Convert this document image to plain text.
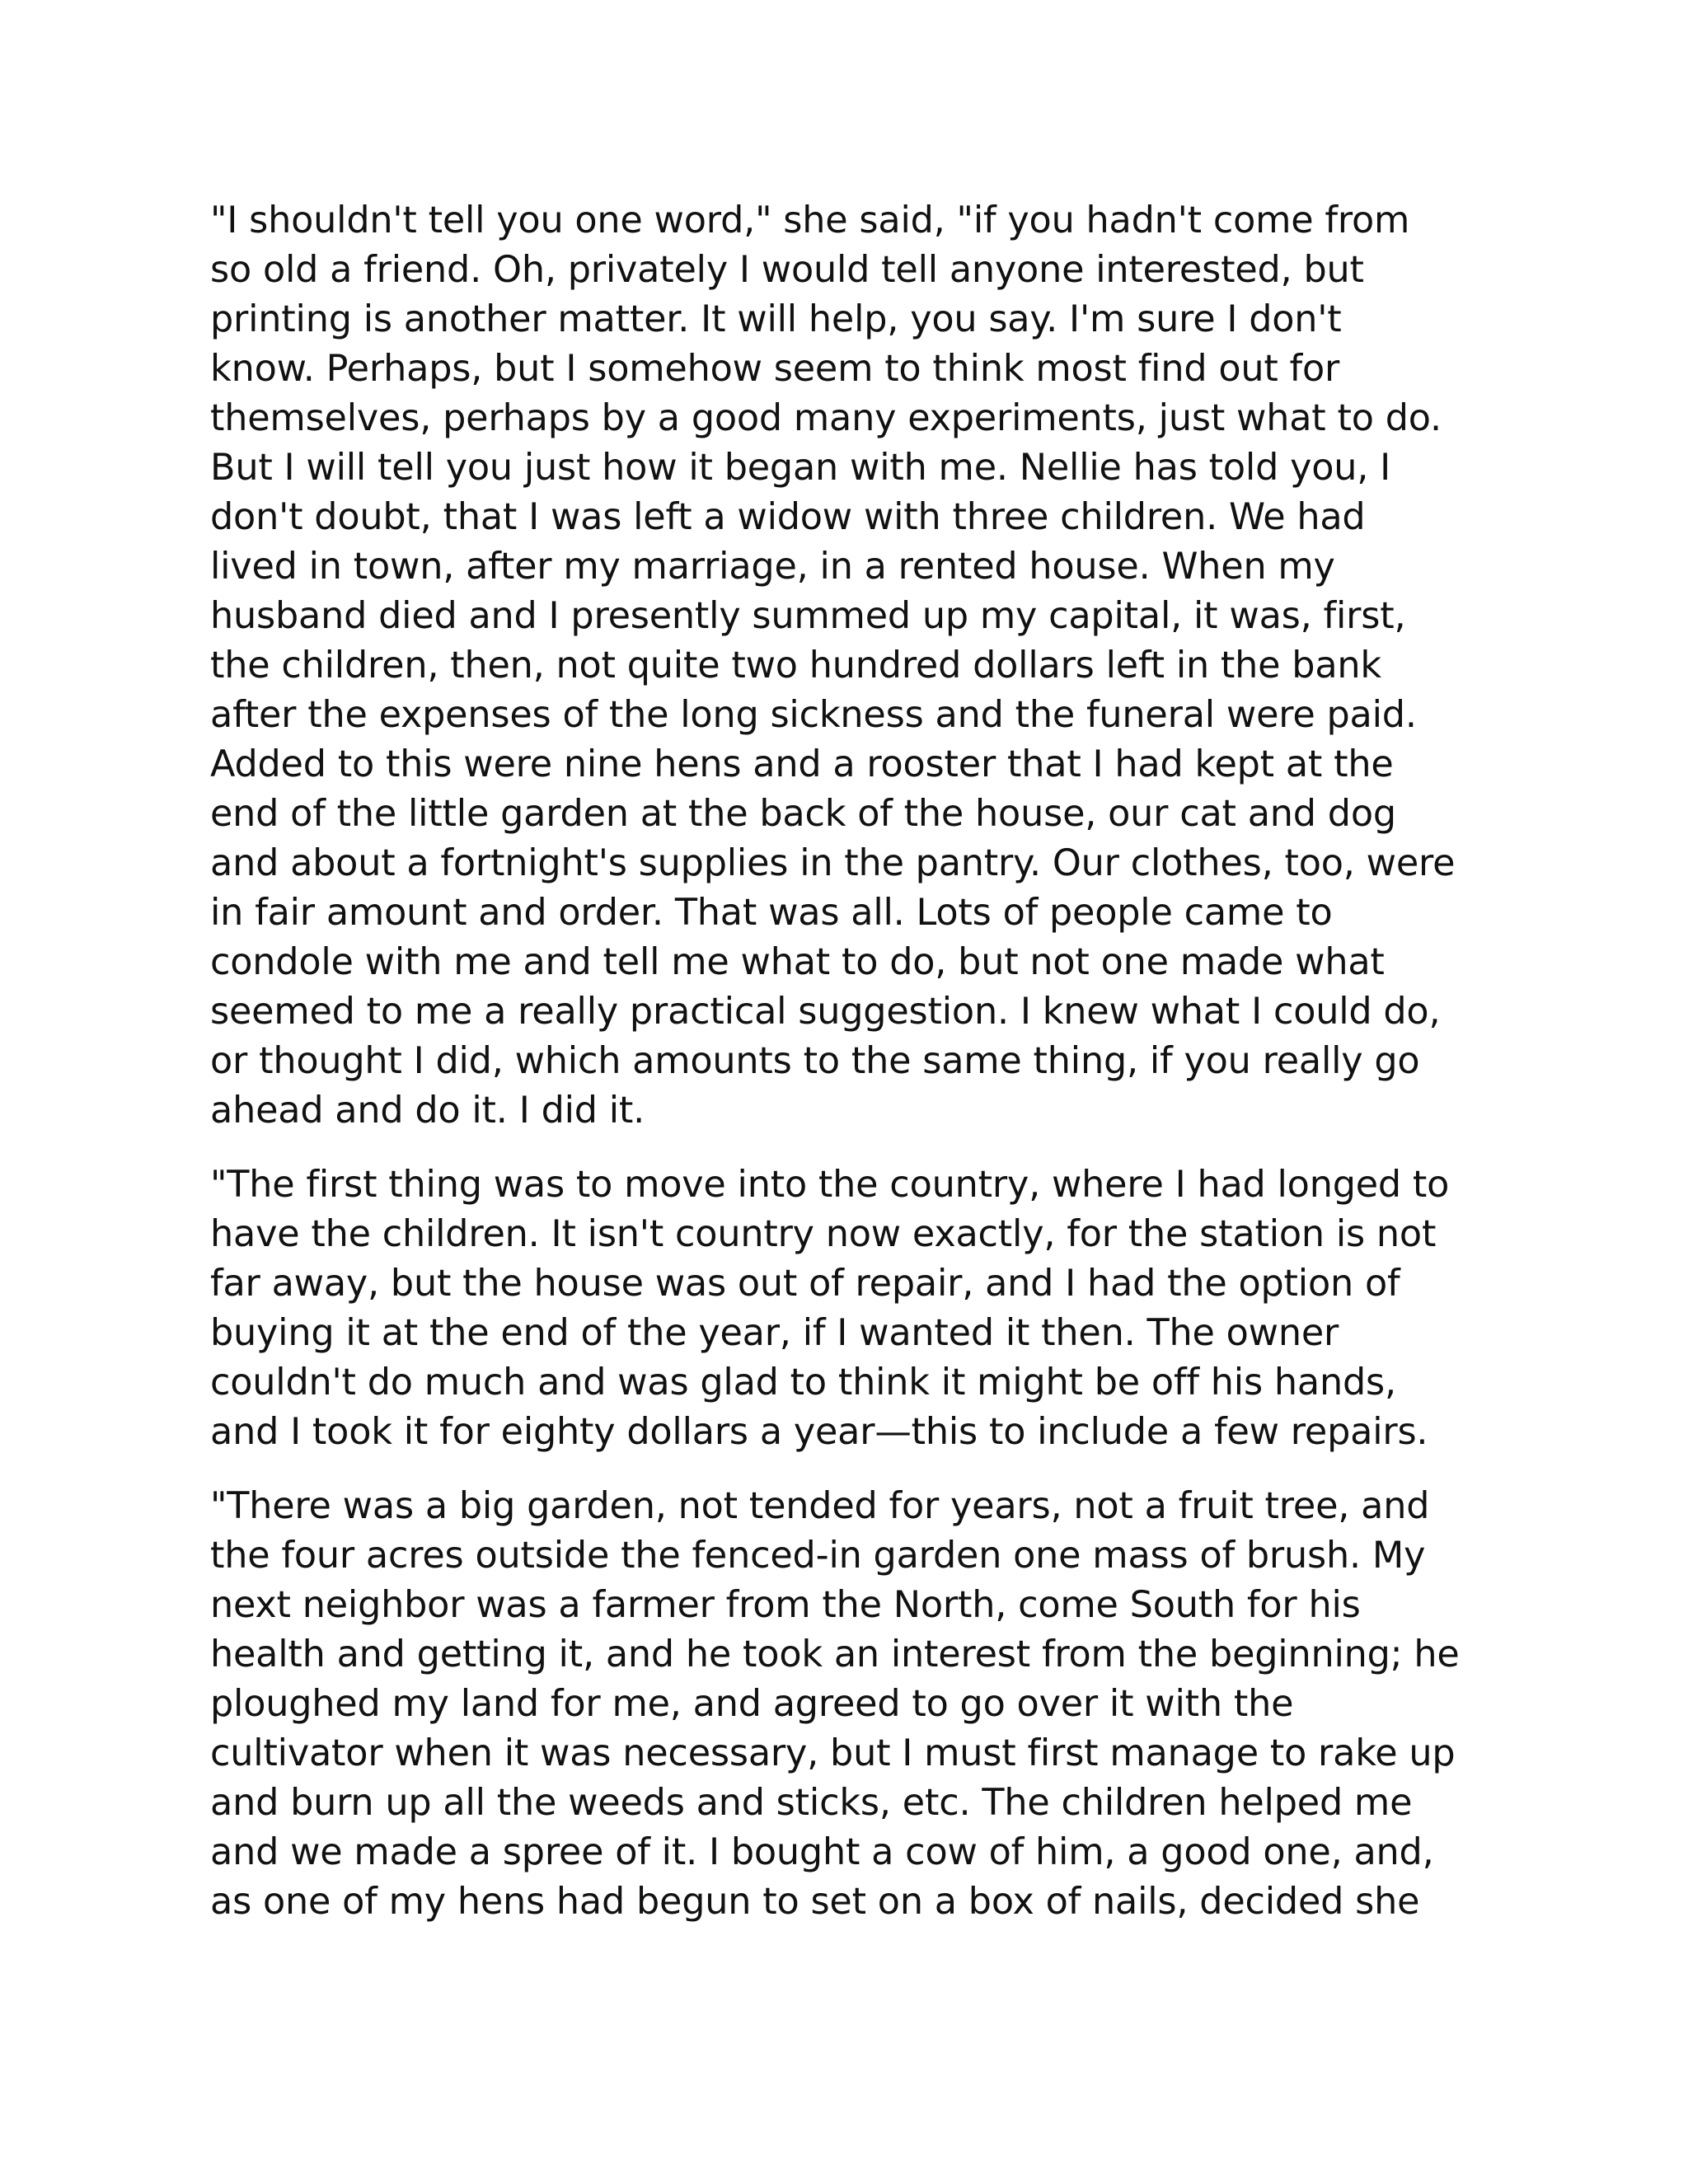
"I shouldn't tell you one word," she said, "if you hadn't come from
so old a friend. Oh, privately I would tell anyone interested, but
printing is another matter. It will help, you say. I'm sure I don't
know. Perhaps, but I somehow seem to think most find out for
themselves, perhaps by a good many experiments, just what to do.
But I will tell you just how it began with me. Nellie has told you, I
don't doubt, that I was left a widow with three children. We had
lived in town, after my marriage, in a rented house. When my
husband died and I presently summed up my capital, it was, first,
the children, then, not quite two hundred dollars left in the bank
after the expenses of the long sickness and the funeral were paid.
Added to this were nine hens and a rooster that I had kept at the
end of the little garden at the back of the house, our cat and dog
and about a fortnight's supplies in the pantry. Our clothes, too, were
in fair amount and order. That was all. Lots of people came to
condole with me and tell me what to do, but not one made what
seemed to me a really practical suggestion. I knew what I could do,
or thought I did, which amounts to the same thing, if you really go
ahead and do it. I did it.
"The first thing was to move into the country, where I had longed to
have the children. It isn't country now exactly, for the station is not
far away, but the house was out of repair, and I had the option of
buying it at the end of the year, if I wanted it then. The owner
couldn't do much and was glad to think it might be off his hands,
and I took it for eighty dollars a year—this to include a few repairs.
"There was a big garden, not tended for years, not a fruit tree, and
the four acres outside the fenced-in garden one mass of brush. My
next neighbor was a farmer from the North, come South for his
health and getting it, and he took an interest from the beginning; he
ploughed my land for me, and agreed to go over it with the
cultivator when it was necessary, but I must first manage to rake up
and burn up all the weeds and sticks, etc. The children helped me
and we made a spree of it. I bought a cow of him, a good one, and,
as one of my hens had begun to set on a box of nails, decided she
